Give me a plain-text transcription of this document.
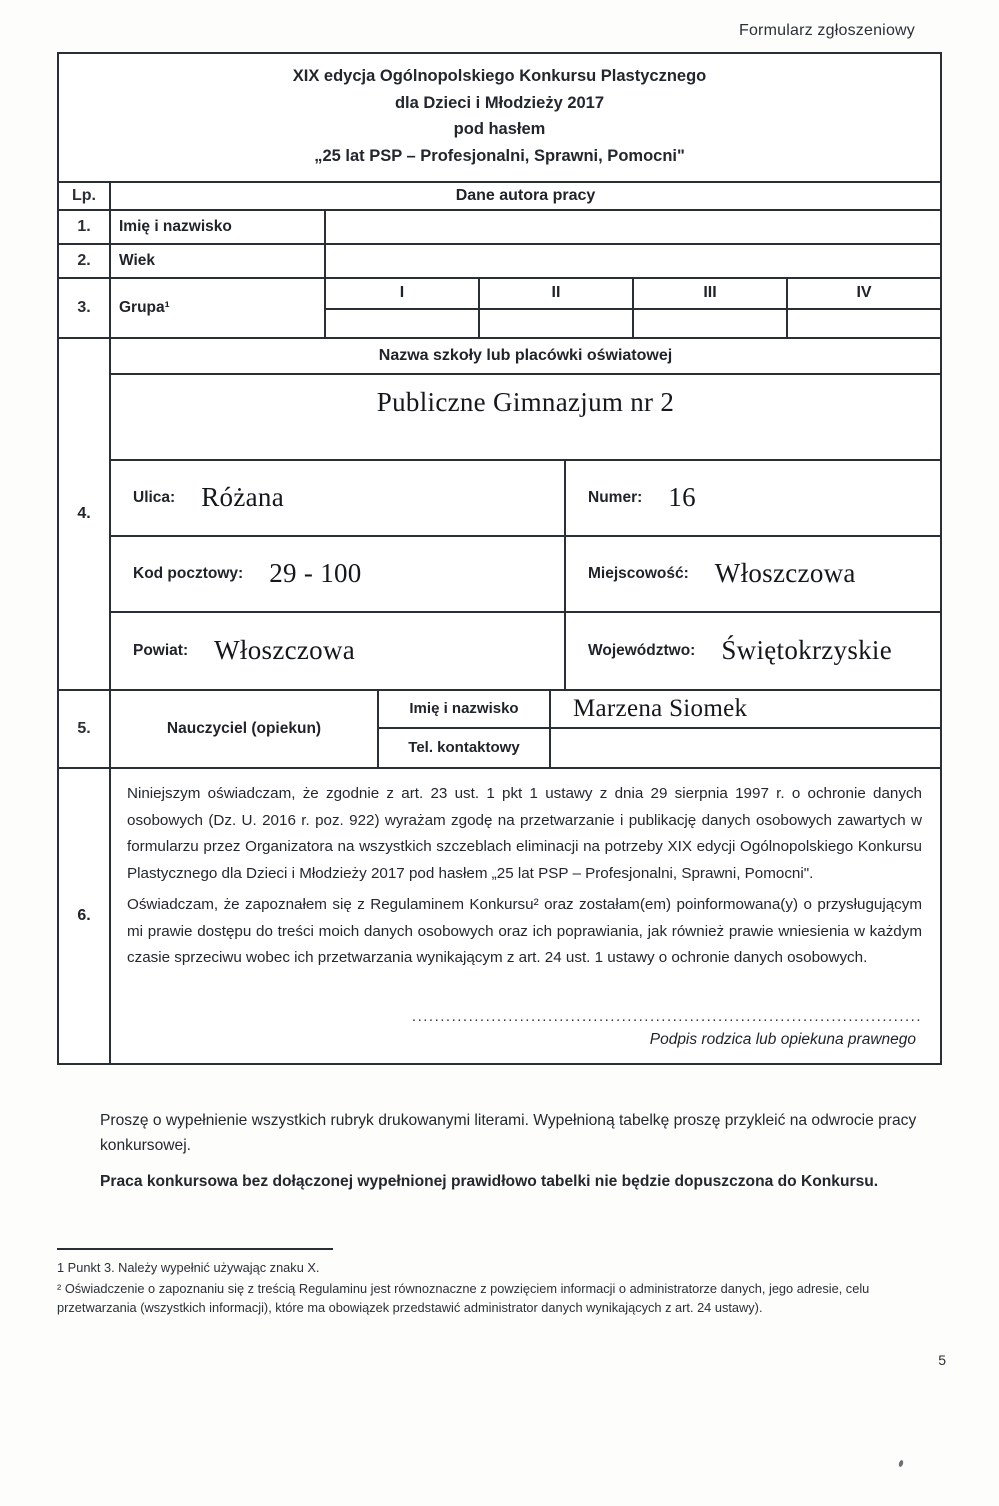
Formularz zgłoszeniowy
XIX edycja Ogólnopolskiego Konkursu Plastycznego
dla Dzieci i Młodzieży 2017
pod hasłem
„25 lat PSP – Profesjonalni, Sprawni, Pomocni"
Lp.	Dane autora pracy
1.	Imię i nazwisko
2.	Wiek
3.	Grupa¹
I	II	III	IV
4.
Nazwa szkoły lub placówki oświatowej
Publiczne Gimnazjum nr 2
Ulica: Różana	Numer: 16
Kod pocztowy: 29 - 100	Miejscowość: Włoszczowa
Powiat: Włoszczowa	Województwo: Świętokrzyskie
5.	Nauczyciel (opiekun)
Imię i nazwisko	Marzena Siomek
Tel. kontaktowy
6.

Niniejszym oświadczam, że zgodnie z art. 23 ust. 1 pkt 1 ustawy z dnia 29 sierpnia 1997 r. o ochronie danych osobowych (Dz. U. 2016 r. poz. 922) wyrażam zgodę na przetwarzanie i publikację danych osobowych zawartych w formularzu przez Organizatora na wszystkich szczeblach eliminacji na potrzeby XIX edycji Ogólnopolskiego Konkursu Plastycznego dla Dzieci i Młodzieży 2017 pod hasłem „25 lat PSP – Profesjonalni, Sprawni, Pomocni".

Oświadczam, że zapoznałem się z Regulaminem Konkursu² oraz zostałam(em) poinformowana(y) o przysługującym mi prawie dostępu do treści moich danych osobowych oraz ich poprawiania, jak również prawie wniesienia w każdym czasie sprzeciwu wobec ich przetwarzania wynikającym z art. 24 ust. 1 ustawy o ochronie danych osobowych.

..........................................................................................
Podpis rodzica lub opiekuna prawnego

Proszę o wypełnienie wszystkich rubryk drukowanymi literami. Wypełnioną tabelkę proszę przykleić na odwrocie pracy konkursowej.

Praca konkursowa bez dołączonej wypełnionej prawidłowo tabelki nie będzie dopuszczona do Konkursu.

1 Punkt 3. Należy wypełnić używając znaku X.

² Oświadczenie o zapoznaniu się z treścią Regulaminu jest równoznaczne z powzięciem informacji o administratorze danych, jego adresie, celu przetwarzania (wszystkich informacji), które ma obowiązek przedstawić administrator danych wynikających z art. 24 ustawy).

5
